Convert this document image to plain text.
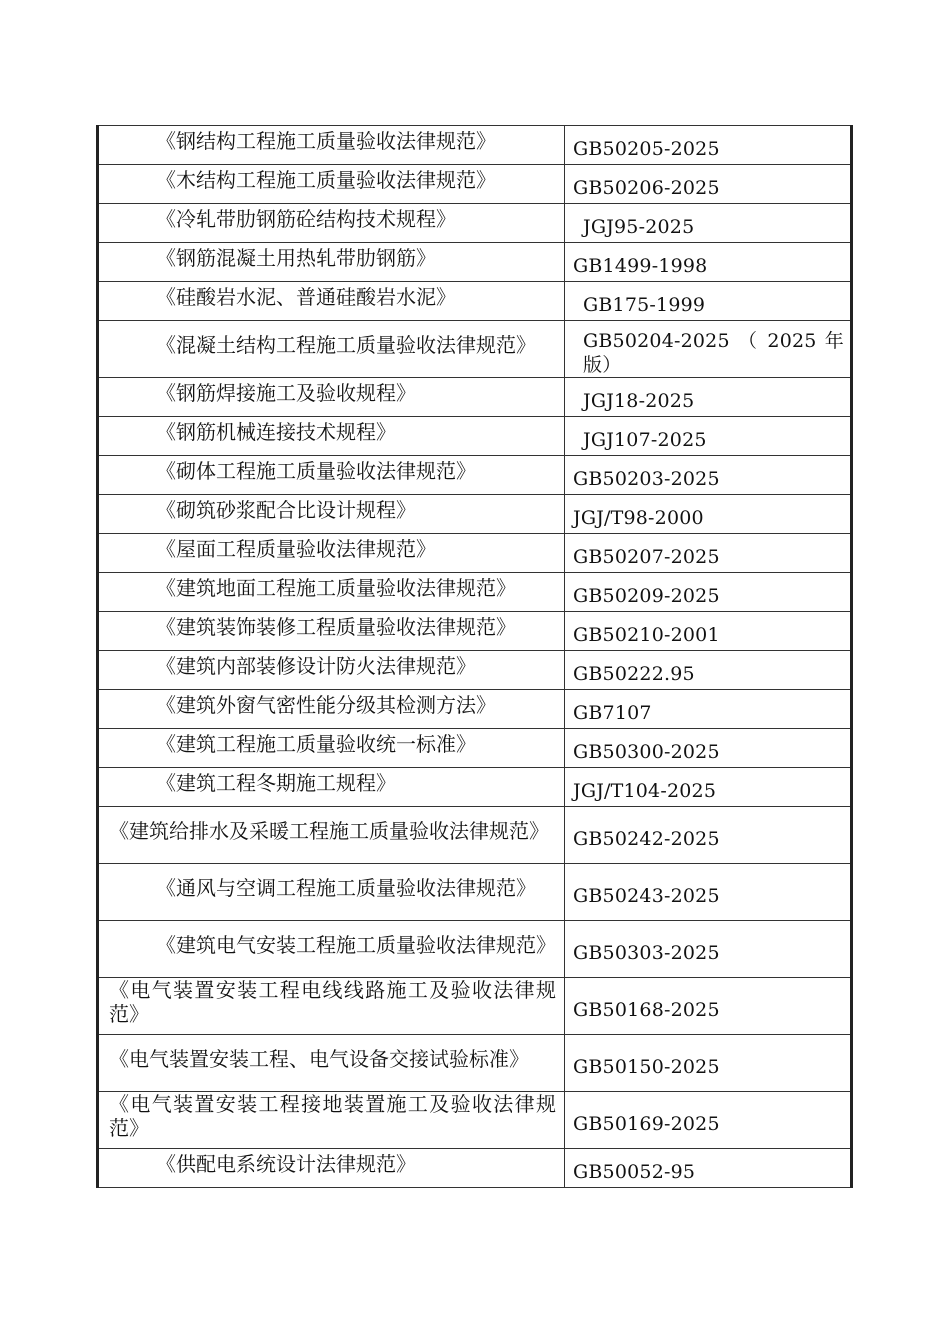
《钢结构工程施工质量验收法律规范》	GB50205-2025

《木结构工程施工质量验收法律规范》	GB50206-2025

《冷轧带肋钢筋砼结构技术规程》	JGJ95-2025

《钢筋混凝土用热轧带肋钢筋》	GB1499-1998

《硅酸岩水泥、普通硅酸岩水泥》	GB175-1999

《混凝土结构工程施工质量验收法律规范》	GB50204-2025 （ 2025 年版）

《钢筋焊接施工及验收规程》	JGJ18-2025

《钢筋机械连接技术规程》	JGJ107-2025

《砌体工程施工质量验收法律规范》	GB50203-2025

《砌筑砂浆配合比设计规程》	JGJ/T98-2000

《屋面工程质量验收法律规范》	GB50207-2025

《建筑地面工程施工质量验收法律规范》	GB50209-2025

《建筑装饰装修工程质量验收法律规范》	GB50210-2001

《建筑内部装修设计防火法律规范》	GB50222.95

《建筑外窗气密性能分级其检测方法》	GB7107

《建筑工程施工质量验收统一标准》	GB50300-2025

《建筑工程冬期施工规程》	JGJ/T104-2025

《建筑给排水及采暖工程施工质量验收法律规范》	GB50242-2025

《通风与空调工程施工质量验收法律规范》	GB50243-2025

《建筑电气安装工程施工质量验收法律规范》	GB50303-2025

《电气装置安装工程电线线路施工及验收法律规范》	GB50168-2025

《电气装置安装工程、电气设备交接试验标准》	GB50150-2025

《电气装置安装工程接地装置施工及验收法律规范》	GB50169-2025

《供配电系统设计法律规范》	GB50052-95
